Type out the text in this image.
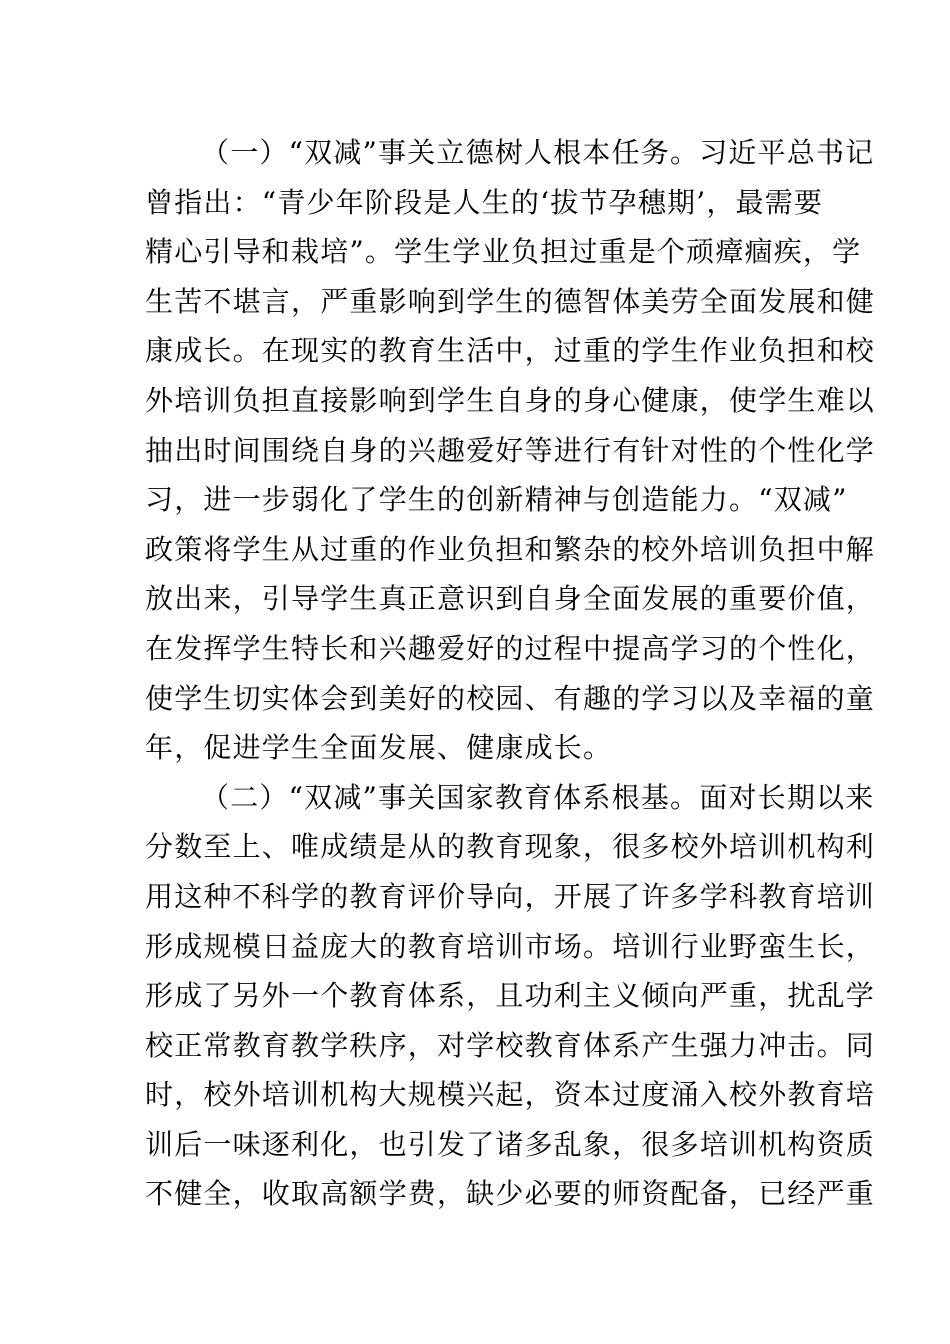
（一）“双减”事关立德树人根本任务。习近平总书记
曾指出：“青少年阶段是人生的‘拔节孕穗期’，最需要
精心引导和栽培”。学生学业负担过重是个顽瘴痼疾，学
生苦不堪言，严重影响到学生的德智体美劳全面发展和健
康成长。在现实的教育生活中，过重的学生作业负担和校
外培训负担直接影响到学生自身的身心健康，使学生难以
抽出时间围绕自身的兴趣爱好等进行有针对性的个性化学
习，进一步弱化了学生的创新精神与创造能力。“双减”
政策将学生从过重的作业负担和繁杂的校外培训负担中解
放出来，引导学生真正意识到自身全面发展的重要价值，
在发挥学生特长和兴趣爱好的过程中提高学习的个性化，
使学生切实体会到美好的校园、有趣的学习以及幸福的童
年，促进学生全面发展、健康成长。
（二）“双减”事关国家教育体系根基。面对长期以来
分数至上、唯成绩是从的教育现象，很多校外培训机构利
用这种不科学的教育评价导向，开展了许多学科教育培训
形成规模日益庞大的教育培训市场。培训行业野蛮生长，
形成了另外一个教育体系，且功利主义倾向严重，扰乱学
校正常教育教学秩序，对学校教育体系产生强力冲击。同
时，校外培训机构大规模兴起，资本过度涌入校外教育培
训后一味逐利化，也引发了诸多乱象，很多培训机构资质
不健全，收取高额学费，缺少必要的师资配备，已经严重
